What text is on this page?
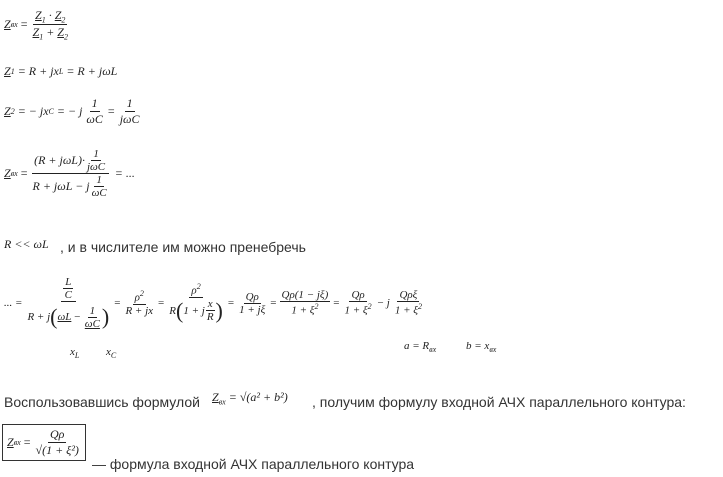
Z вх = $\frac{Z_1 \cdot Z_2}{Z_1 + Z_2}$
Z 1 = R + jx L = R + jωL
Z 2 = − jx C = − j $\frac{1}{\omega C} = \frac{1}{\text{jωC}}$
Z вх = $\frac{(R + j\omega L)\cdot \frac{1}{\text{jωC}}}{R + j\omega L - j \frac{1}{\omega C}}$ = ...
R << ωL , и в числителе им можно пренебречь
... = $\frac{\frac{L}{C}}{R + j ( \omega L - \frac{1}{\omega C} )} = \frac{\rho^2}{R + jx} = \frac{\rho^2}{R ( 1 + j \frac{x}{R} )} = \frac{Q\rho}{1 + j\xi} = \frac{Q\rho(1 - j\xi)}{1 + \xi^2} = \frac{Q\rho}{1 + \xi^2} - j \frac{\text{Qρξ}}{1 + \xi^2}$
$x_L$ $x_C$
$a = R_{вх}$	$b = x_{вх}$
Воспользовавшись формулой $Z_{вх} = √(a^2 + b^2)$ , получим формулу входной АЧХ параллельного контура:
Z вх = $\frac{Q\rho}{\text{√(1 + ξ²)}}$
— формула входной АЧХ параллельного контура
